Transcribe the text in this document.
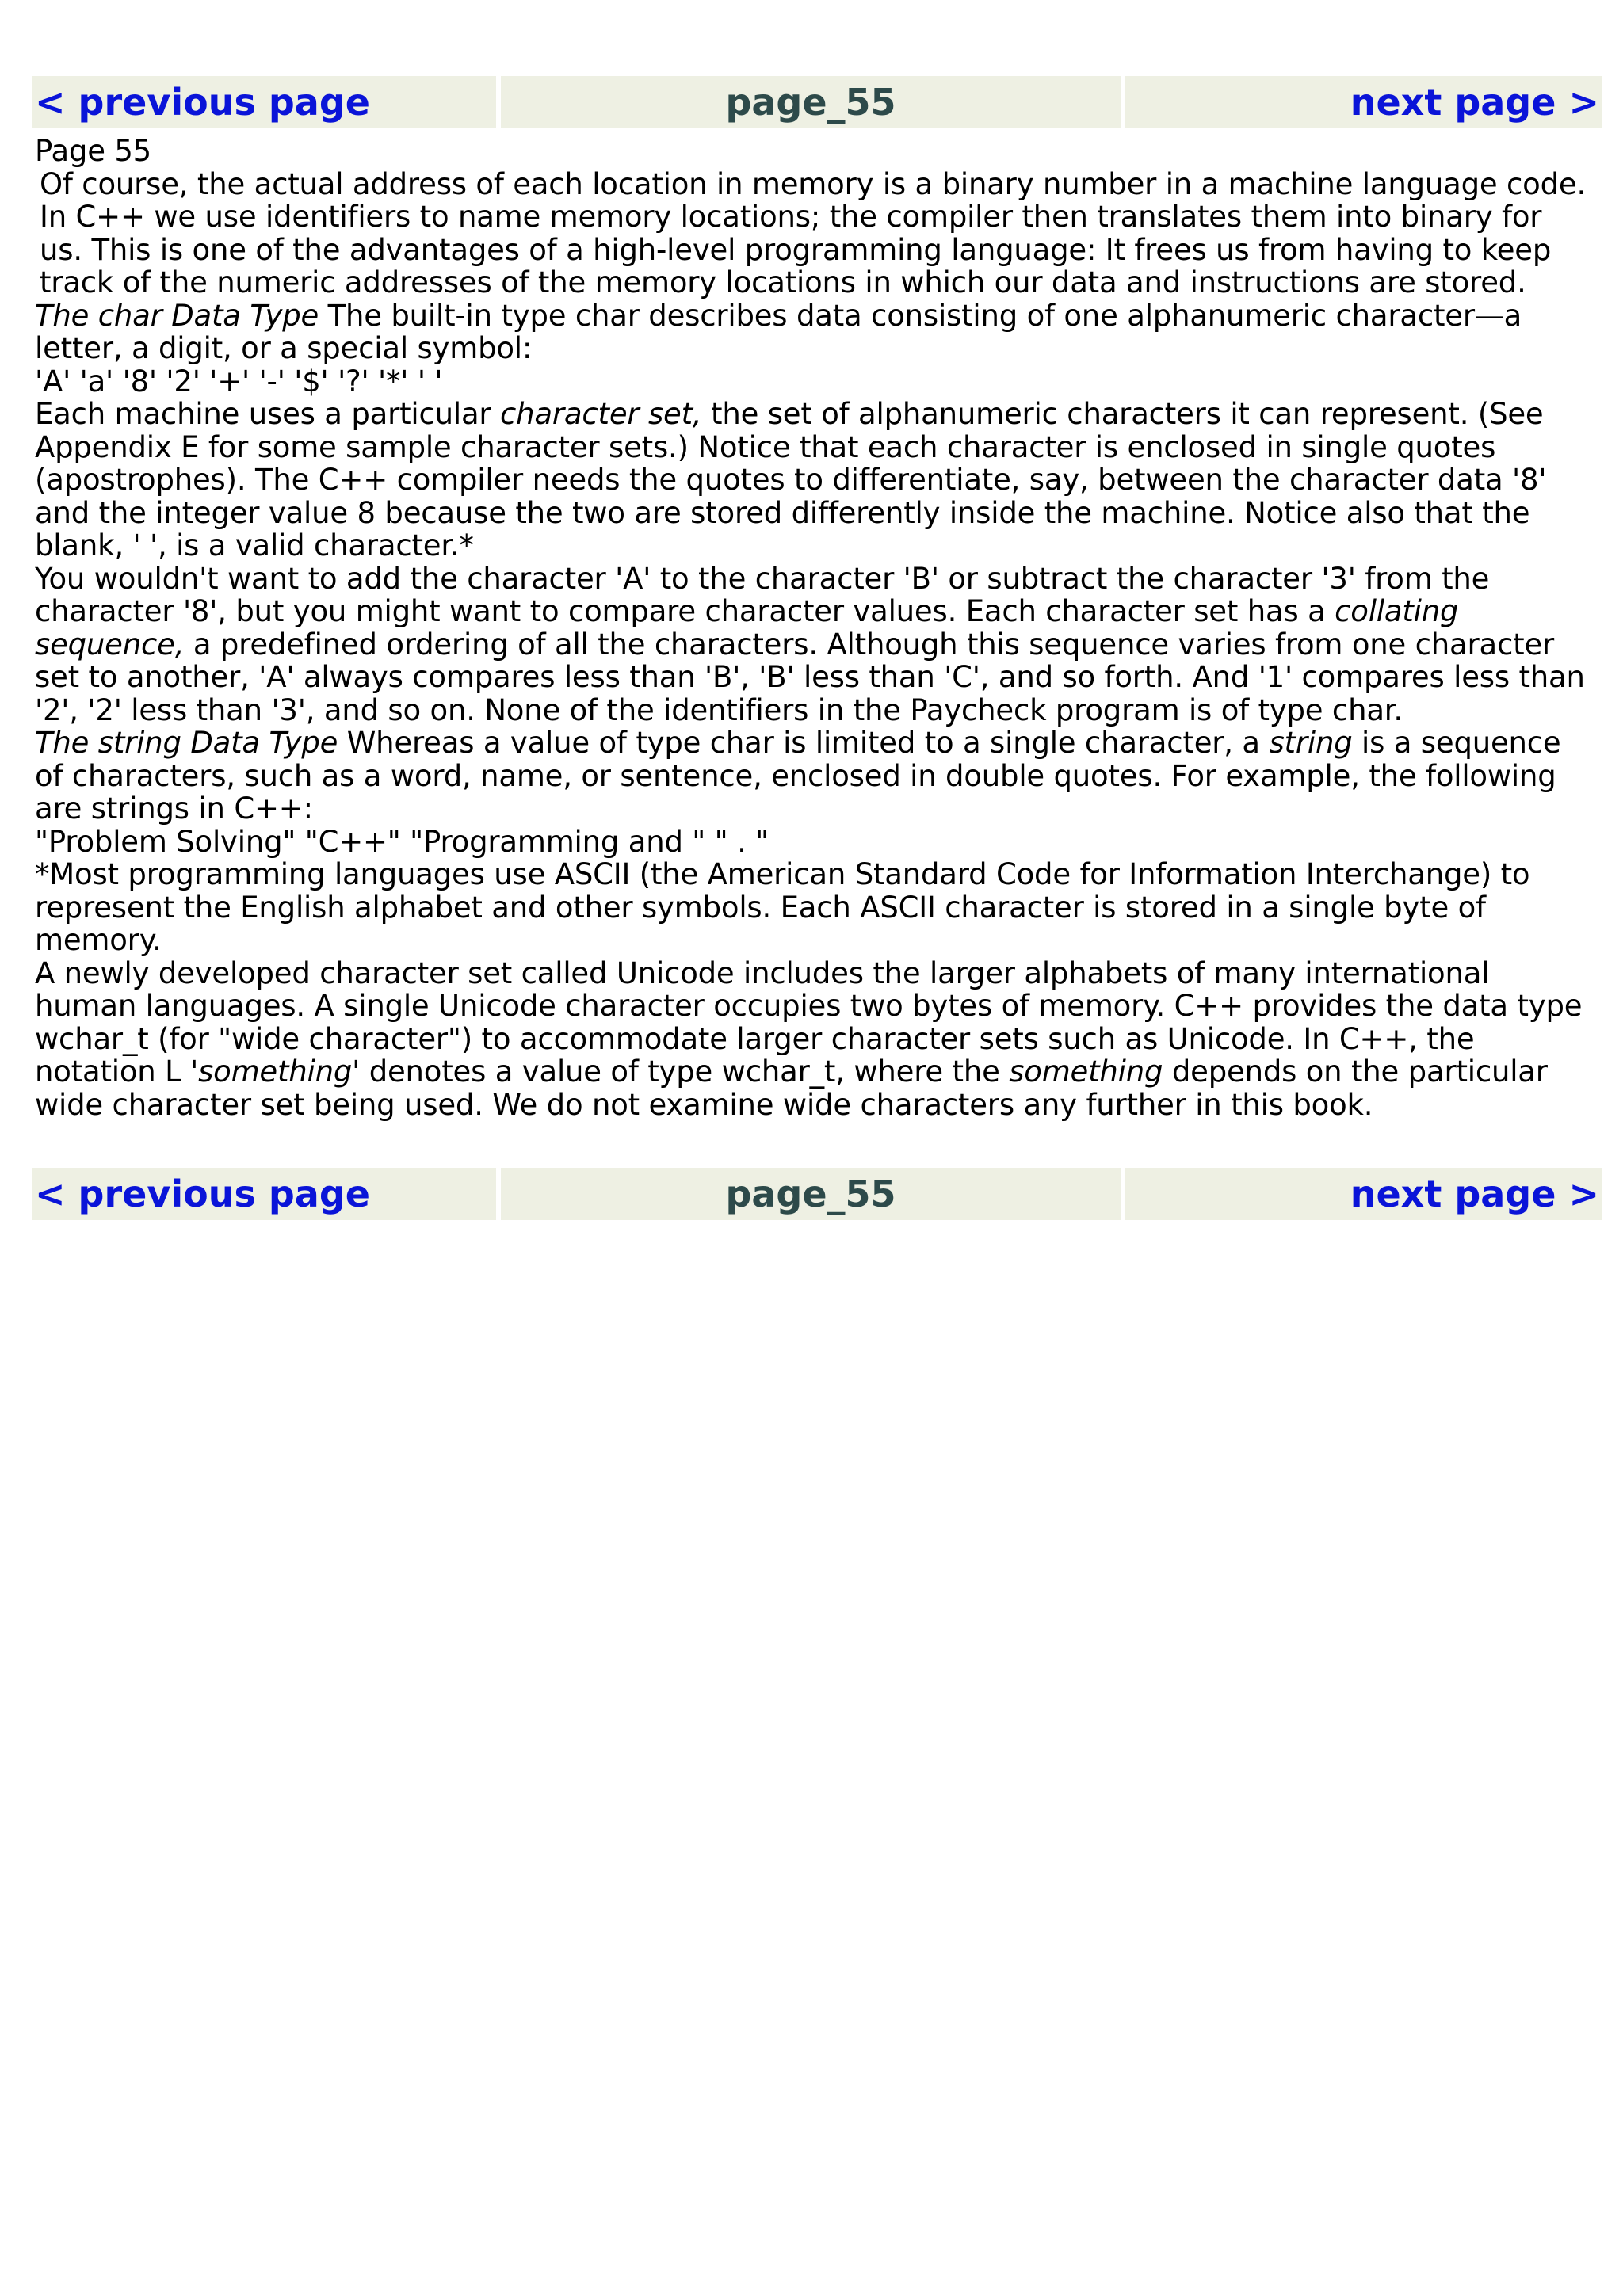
< previous page	page_55	next page >

Page 55

Of course, the actual address of each location in memory is a binary number in a machine language code. In C++ we use identifiers to name memory locations; the compiler then translates them into binary for us. This is one of the advantages of a high-level programming language: It frees us from having to keep track of the numeric addresses of the memory locations in which our data and instructions are stored.

The char Data Type The built-in type char describes data consisting of one alphanumeric character—a letter, a digit, or a special symbol:

'A' 'a' '8' '2' '+' '-' '$' '?' '*' ' '

Each machine uses a particular character set, the set of alphanumeric characters it can represent. (See Appendix E for some sample character sets.) Notice that each character is enclosed in single quotes (apostrophes). The C++ compiler needs the quotes to differentiate, say, between the character data '8' and the integer value 8 because the two are stored differently inside the machine. Notice also that the blank, ' ', is a valid character.*

You wouldn't want to add the character 'A' to the character 'B' or subtract the character '3' from the character '8', but you might want to compare character values. Each character set has a collating sequence, a predefined ordering of all the characters. Although this sequence varies from one character set to another, 'A' always compares less than 'B', 'B' less than 'C', and so forth. And '1' compares less than '2', '2' less than '3', and so on. None of the identifiers in the Paycheck program is of type char.

The string Data Type Whereas a value of type char is limited to a single character, a string is a sequence of characters, such as a word, name, or sentence, enclosed in double quotes. For example, the following are strings in C++:

"Problem Solving" "C++" "Programming and " " . "

*Most programming languages use ASCII (the American Standard Code for Information Interchange) to represent the English alphabet and other symbols. Each ASCII character is stored in a single byte of memory.

A newly developed character set called Unicode includes the larger alphabets of many international human languages. A single Unicode character occupies two bytes of memory. C++ provides the data type wchar_t (for "wide character") to accommodate larger character sets such as Unicode. In C++, the notation L 'something' denotes a value of type wchar_t, where the something depends on the particular wide character set being used. We do not examine wide characters any further in this book.

< previous page	page_55	next page >
